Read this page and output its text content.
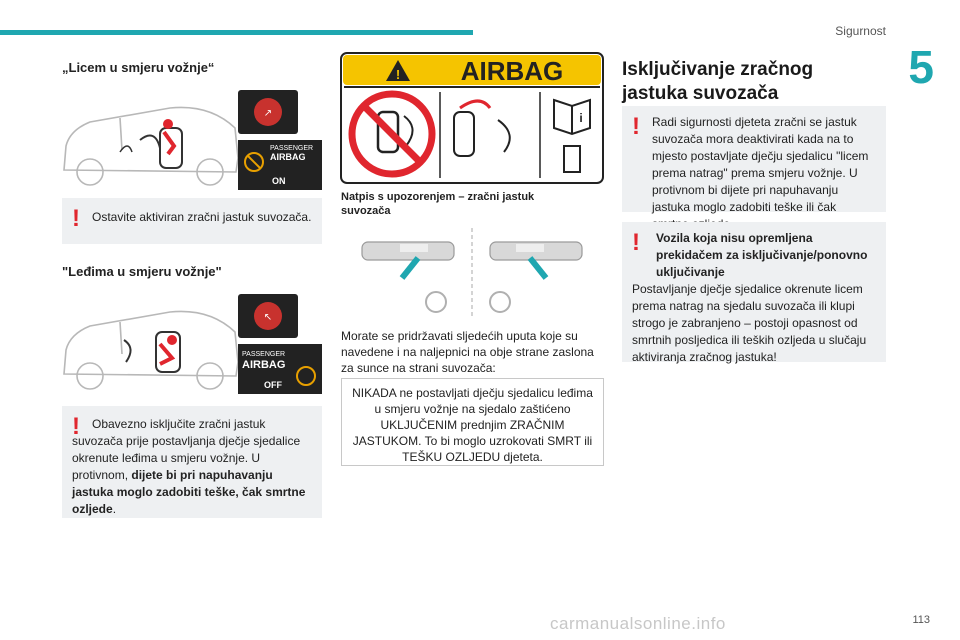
Sigurnost
5
„Licem u smjeru vožnje“
↗
PASSENGER
AIRBAG
ON
!	Ostavite aktiviran zračni jastuk suvozača.
"Leđima u smjeru vožnje"
↖
PASSENGER
AIRBAG
OFF
! Obavezno isključite zračni jastuk suvozača prije postavljanja dječje sjedalice okrenute leđima u smjeru vožnje. U protivnom, dijete bi pri napuhavanju jastuka moglo zadobiti teške, čak smrtne ozljede.
! AIRBAG
i
Natpis s upozorenjem – zračni jastuk suvozača
Morate se pridržavati sljedećih uputa koje su navedene i na naljepnici na obje strane zaslona za sunce na strani suvozača:
NIKADA ne postavljati dječju sjedalicu leđima u smjeru vožnje na sjedalo zaštićeno UKLJUČENIM prednjim ZRAČNIM JASTUKOM. To bi moglo uzrokovati SMRT ili TEŠKU OZLJEDU djeteta.
Isključivanje zračnog jastuka suvozača
!	Radi sigurnosti djeteta zračni se jastuk suvozača mora deaktivirati kada na to mjesto postavljate dječju sjedalicu "licem prema natrag" prema smjeru vožnje. U protivnom bi dijete pri napuhavanju jastuka moglo zadobiti teške ili čak
!	Vozila koja nisu opremljena prekidačem za isključivanje/ponovno uključivanje
Postavljanje dječje sjedalice okrenute licem prema natrag na sjedalu suvozača ili klupi strogo je zabranjeno – postoji opasnost od smrtnih posljedica ili teških ozljeda u slučaju aktiviranja zračnog jastuka!
carmanualsonline.info	113
